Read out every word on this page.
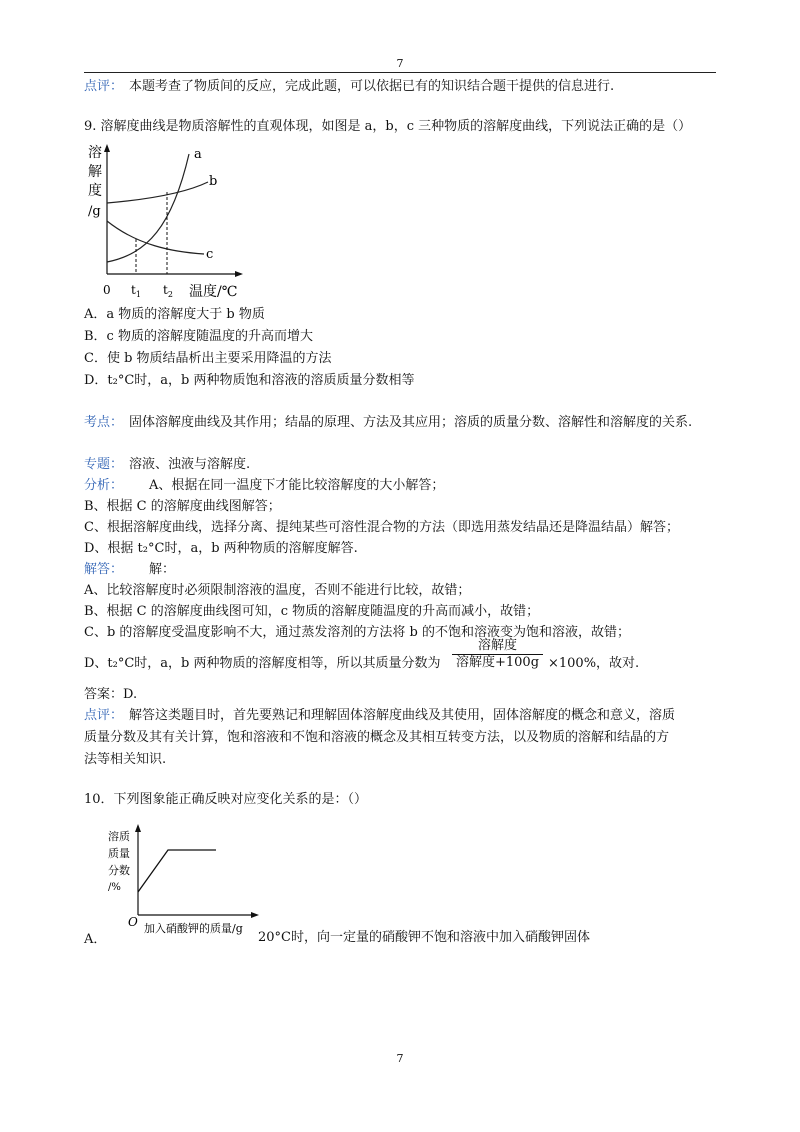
7
点评： 本题考查了物质间的反应，完成此题，可以依据已有的知识结合题干提供的信息进行.
9. 溶解度曲线是物质溶解性的直观体现，如图是 a，b，c 三种物质的溶解度曲线，下列说法正确的是（）
溶
解
度
/g
a
b
c
0 $t_1$ $t_2$ 温度/℃
A．a 物质的溶解度大于 b 物质
B．c 物质的溶解度随温度的升高而增大
C．使 b 物质结晶析出主要采用降温的方法
D．t₂°C时，a，b 两种物质饱和溶液的溶质质量分数相等
考点： 固体溶解度曲线及其作用；结晶的原理、方法及其应用；溶质的质量分数、溶解性和溶解度的关系.
专题： 溶液、浊液与溶解度.
分析： A、根据在同一温度下才能比较溶解度的大小解答；
B、根据 C 的溶解度曲线图解答；
C、根据溶解度曲线，选择分离、提纯某些可溶性混合物的方法（即选用蒸发结晶还是降温结晶）解答；
D、根据 t₂°C时，a，b 两种物质的溶解度解答.
解答： 解：
A、比较溶解度时必须限制溶液的温度，否则不能进行比较，故错；
B、根据 C 的溶解度曲线图可知，c 物质的溶解度随温度的升高而减小，故错；
C、b 的溶解度受温度影响不大，通过蒸发溶剂的方法将 b 的不饱和溶液变为饱和溶液，故错；
D、t₂°C时，a，b 两种物质的溶解度相等，所以其质量分数为
溶解度
溶解度+100g ×100%，故对.
答案：D.
点评： 解答这类题目时，首先要熟记和理解固体溶解度曲线及其使用，固体溶解度的概念和意义，溶质
质量分数及其有关计算，饱和溶液和不饱和溶液的概念及其相互转变方法，以及物质的溶解和结晶的方
法等相关知识.
10．下列图象能正确反映对应变化关系的是：（）
溶质
质量
分数
/%
O 加入硝酸钾的质量/g
A．	20°C时，向一定量的硝酸钾不饱和溶液中加入硝酸钾固体
7
